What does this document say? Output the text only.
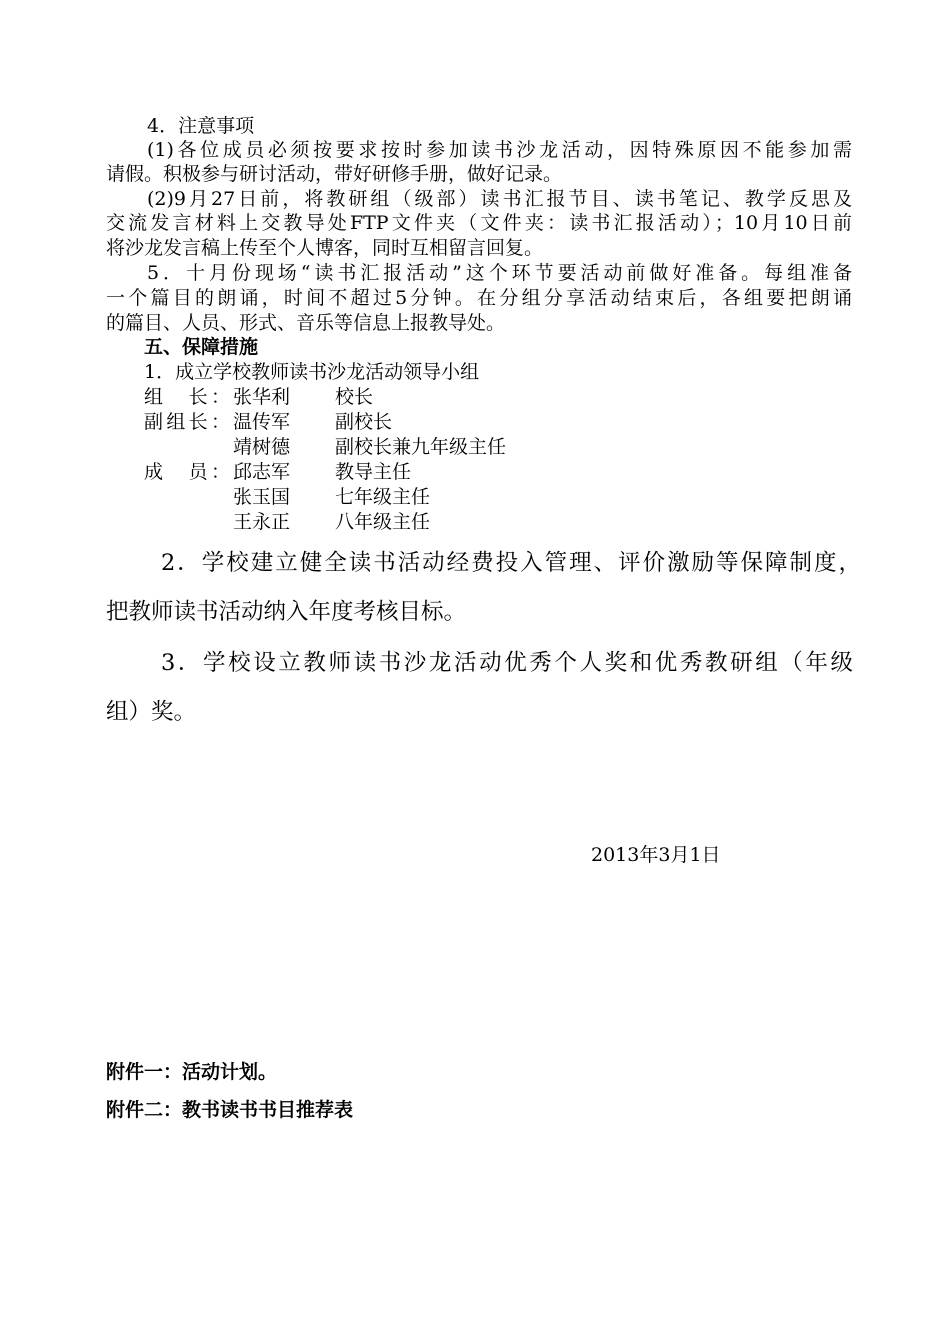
4．注意事项
(1)各位成员必须按要求按时参加读书沙龙活动，因特殊原因不能参加需
请假。积极参与研讨活动，带好研修手册，做好记录。
(2)9月27日前，将教研组（级部）读书汇报节目、读书笔记、教学反思及
交流发言材料上交教导处FTP文件夹（文件夹：读书汇报活动）；10月10日前
将沙龙发言稿上传至个人博客，同时互相留言回复。
5．十月份现场“读书汇报活动”这个环节要活动前做好准备。每组准备
一个篇目的朗诵，时间不超过5分钟。在分组分享活动结束后，各组要把朗诵
的篇目、人员、形式、音乐等信息上报教导处。
五、保障措施
1．成立学校教师读书沙龙活动领导小组
组　长： 张华利 校长
副组长： 温传军 副校长
靖树德 副校长兼九年级主任
成　员： 邱志军 教导主任
张玉国 七年级主任
王永正 八年级主任
2．学校建立健全读书活动经费投入管理、评价激励等保障制度，
把教师读书活动纳入年度考核目标。
3．学校设立教师读书沙龙活动优秀个人奖和优秀教研组（年级
组）奖。
2013年3月1日
附件一：活动计划。
附件二：教书读书书目推荐表
